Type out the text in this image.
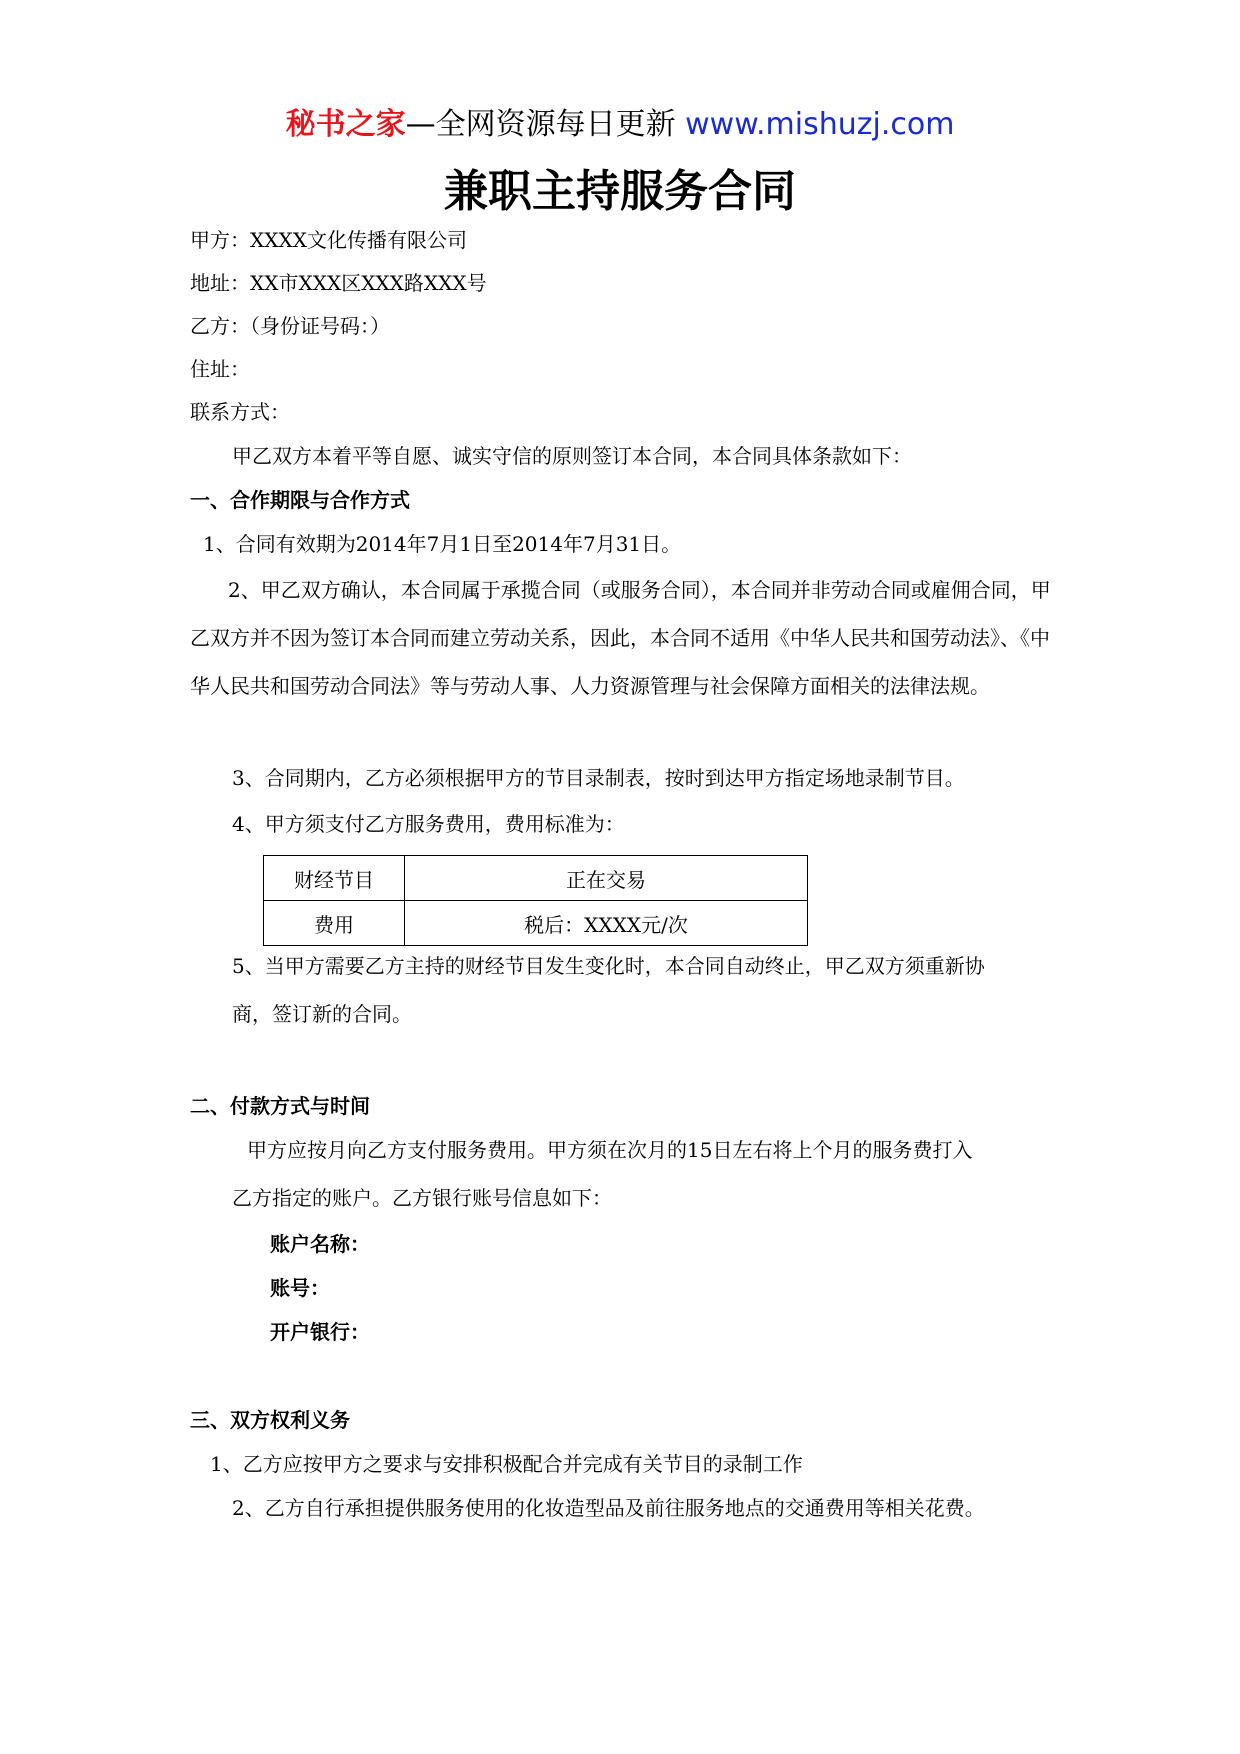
秘书之家—全网资源每日更新 www.mishuzj.com
兼职主持服务合同
甲方：XXXX文化传播有限公司
地址：XX市XXX区XXX路XXX号
乙方：（身份证号码：）
住址：
联系方式：
甲乙双方本着平等自愿、诚实守信的原则签订本合同，本合同具体条款如下：
一、合作期限与合作方式
1、合同有效期为2014年7月1日至2014年7月31日。
2、甲乙双方确认，本合同属于承揽合同（或服务合同），本合同并非劳动合同或雇佣合同，甲乙双方并不因为签订本合同而建立劳动关系，因此，本合同不适用《中华人民共和国劳动法》、《中华人民共和国劳动合同法》等与劳动人事、人力资源管理与社会保障方面相关的法律法规。
3、合同期内，乙方必须根据甲方的节目录制表，按时到达甲方指定场地录制节目。
4、甲方须支付乙方服务费用，费用标准为：
财经节目	正在交易
费用	税后：XXXX元/次
5、当甲方需要乙方主持的财经节目发生变化时，本合同自动终止，甲乙双方须重新协
商，签订新的合同。
二、付款方式与时间
甲方应按月向乙方支付服务费用。甲方须在次月的15日左右将上个月的服务费打入
乙方指定的账户。乙方银行账号信息如下：
账户名称：
账号：
开户银行：
三、双方权利义务
1、乙方应按甲方之要求与安排积极配合并完成有关节目的录制工作
2、乙方自行承担提供服务使用的化妆造型品及前往服务地点的交通费用等相关花费。
